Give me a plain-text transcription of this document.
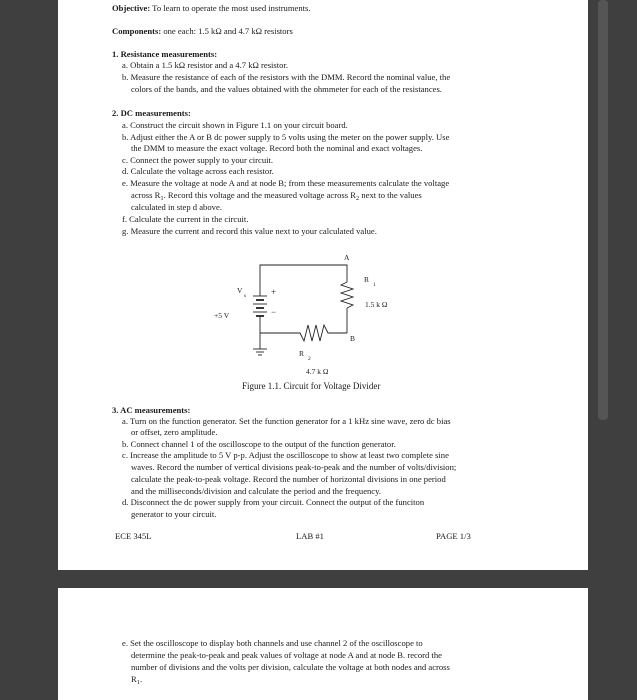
Objective: To learn to operate the most used instruments.
Components: one each: 1.5 kΩ and 4.7 kΩ resistors
1. Resistance measurements:
a. Obtain a 1.5 kΩ resistor and a 4.7 kΩ resistor.
b. Measure the resistance of each of the resistors with the DMM. Record the nominal value, the
colors of the bands, and the values obtained with the ohmmeter for each of the resistances.
2. DC measurements:
a. Construct the circuit shown in Figure 1.1 on your circuit board.
b. Adjust either the A or B dc power supply to 5 volts using the meter on the power supply. Use
the DMM to measure the exact voltage. Record both the nominal and exact voltages.
c. Connect the power supply to your circuit.
d. Calculate the voltage across each resistor.
e. Measure the voltage at node A and at node B; from these measurements calculate the voltage
across $R_1$. Record this voltage and the measured voltage across $R_2$ next to the values
calculated in step d above.
f. Calculate the current in the circuit.
g. Measure the current and record this value next to your calculated value.
A
B
R
1
1.5 k Ω
V
s	+
−
+5 V
R
2
4.7 k Ω
Figure 1.1. Circuit for Voltage Divider
3. AC measurements:
a. Turn on the function generator. Set the function generator for a 1 kHz sine wave, zero dc bias
or offset, zero amplitude.
b. Connect channel 1 of the oscilloscope to the output of the function generator.
c. Increase the amplitude to 5 V p-p. Adjust the oscilloscope to show at least two complete sine
waves. Record the number of vertical divisions peak-to-peak and the number of volts/division;
calculate the peak-to-peak voltage. Record the number of horizontal divisions in one period
and the milliseconds/division and calculate the period and the frequency.
d. Disconnect the dc power supply from your circuit. Connect the output of the funciton
generator to your circuit.
ECE 345L	LAB #1	PAGE 1/3
e. Set the oscilloscope to display both channels and use channel 2 of the oscilloscope to
determine the peak-to-peak and peak values of voltage at node A and at node B. record the
number of divisions and the volts per division, calculate the voltage at both nodes and across
$R_1$.
